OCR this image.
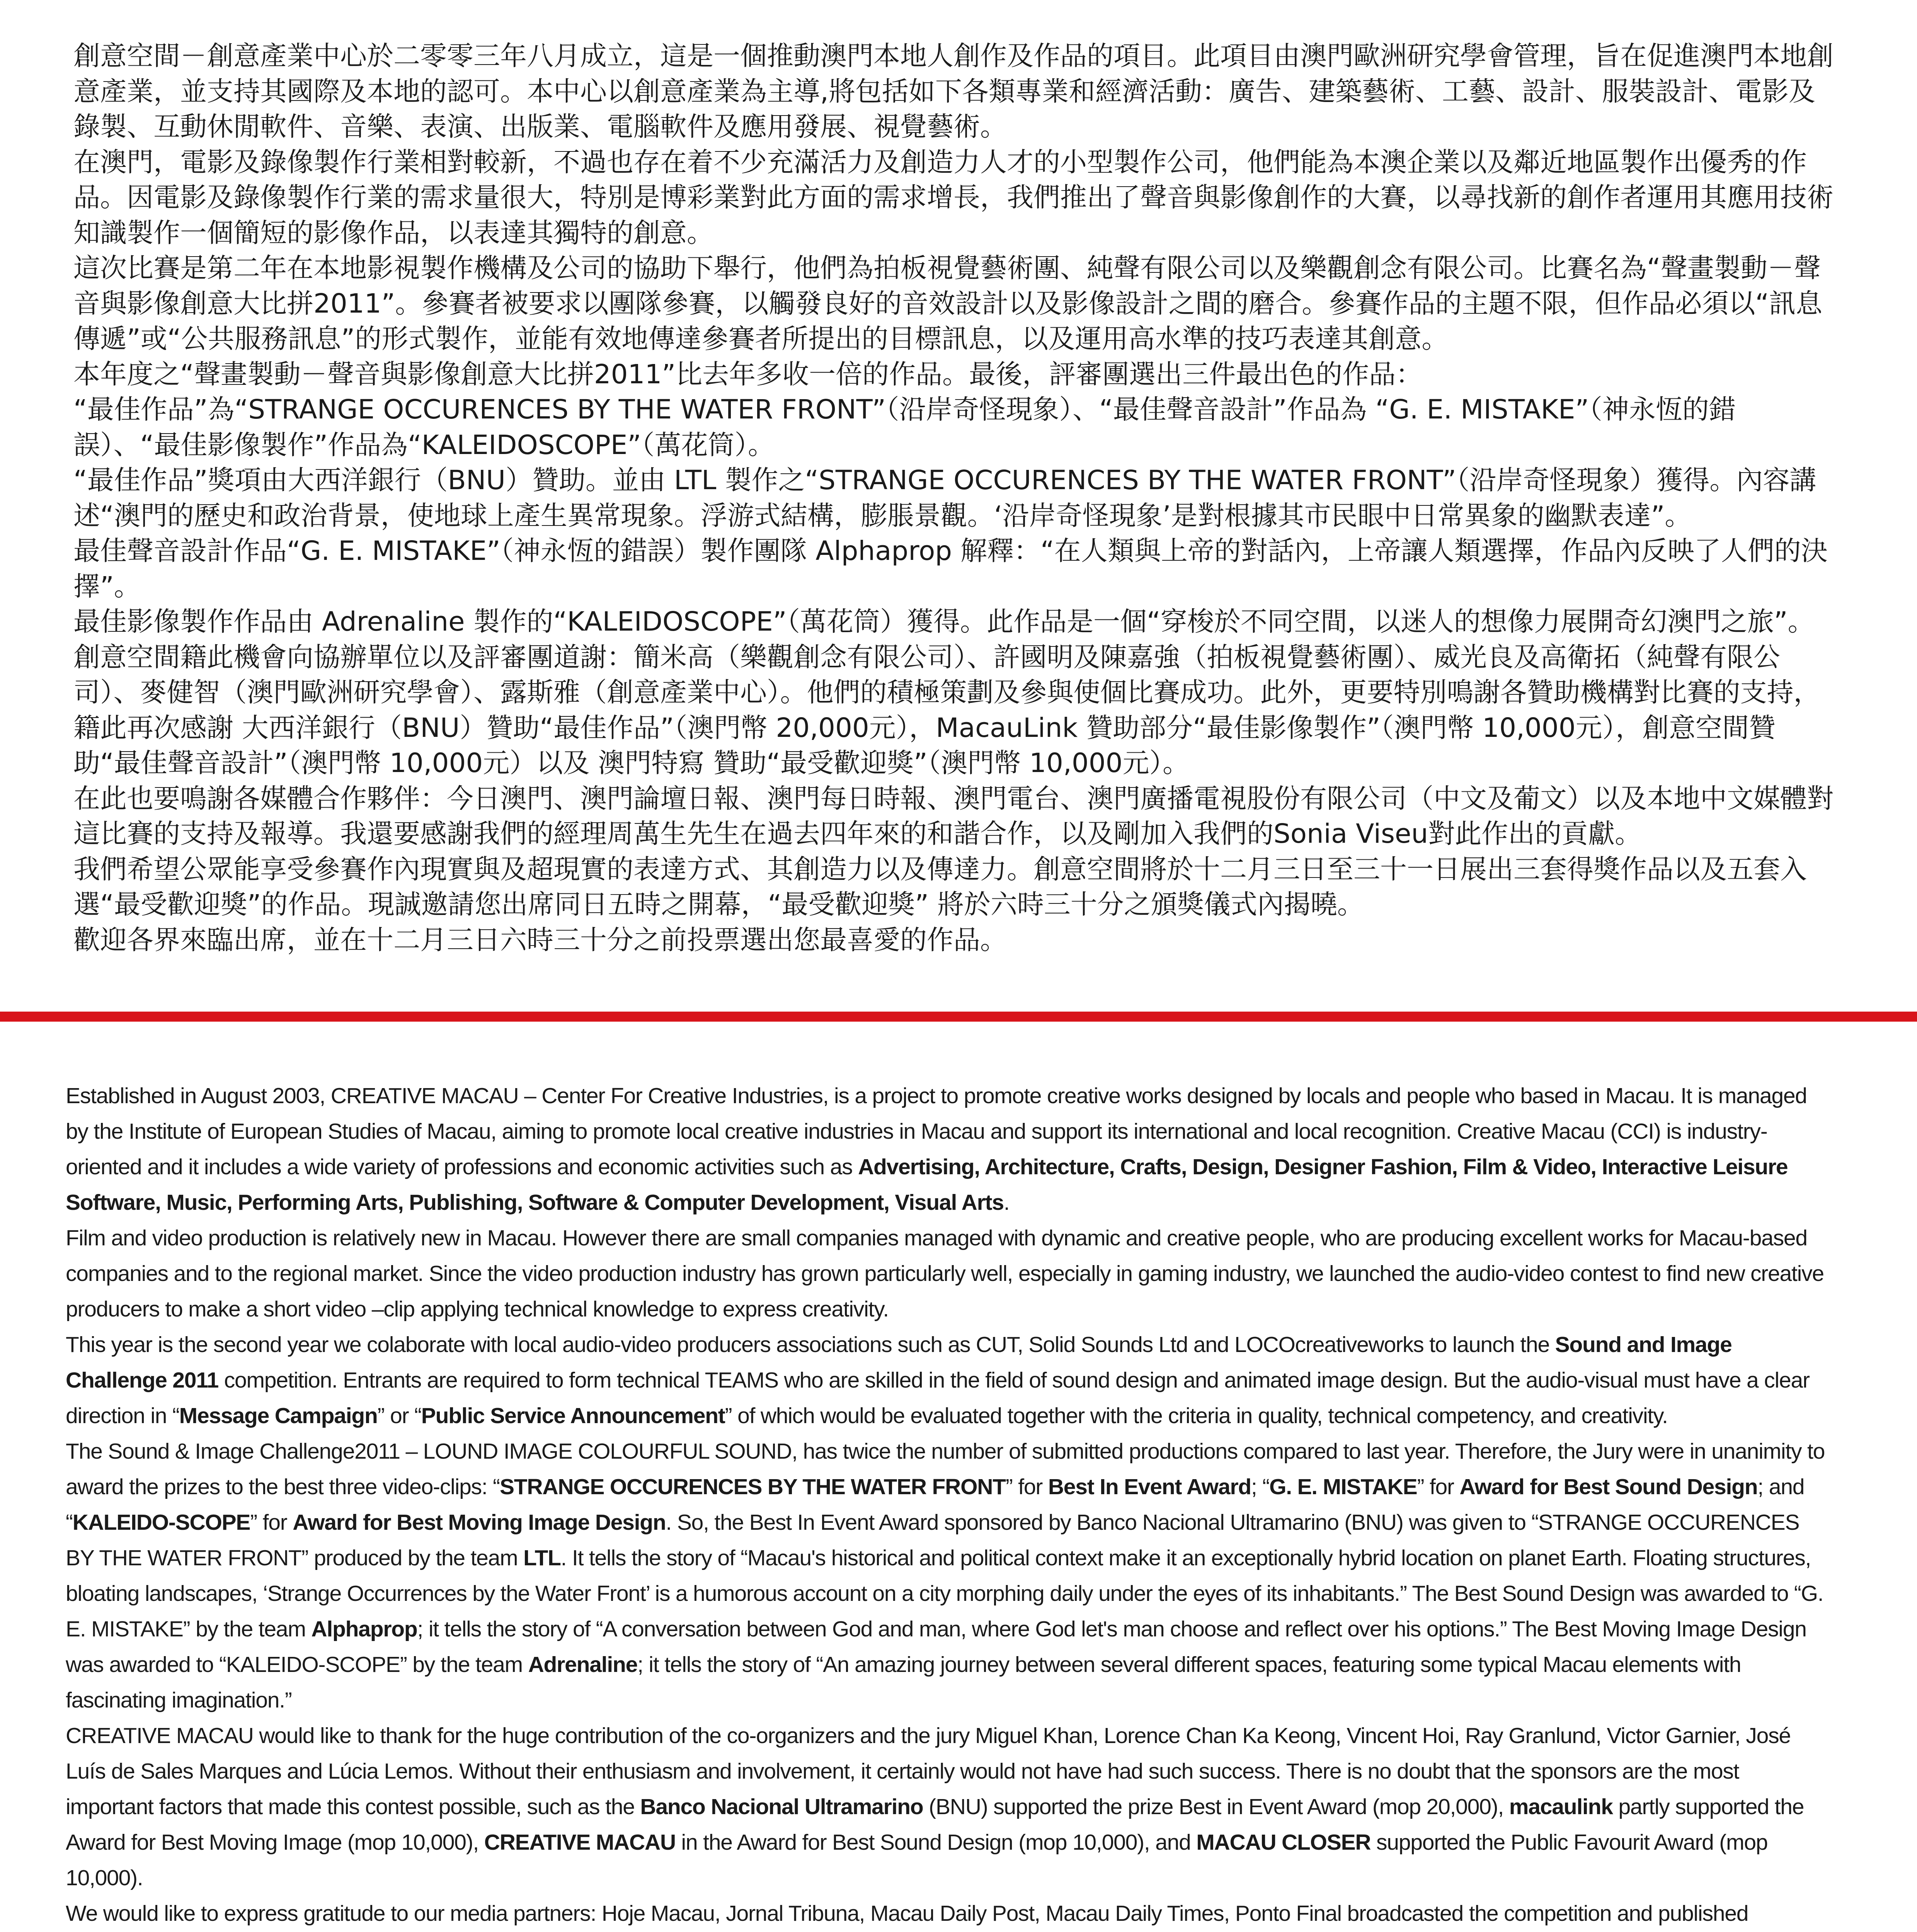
創意空間－創意產業中心於二零零三年八月成立，這是一個推動澳門本地人創作及作品的項目。此項目由澳門歐洲研究學會管理，旨在促進澳門本地創意產業，並支持其國際及本地的認可。本中心以創意產業為主導,將包括如下各類專業和經濟活動：廣告、建築藝術、工藝、設計、服裝設計、電影及錄製、互動休閒軟件、音樂、表演、出版業、電腦軟件及應用發展、視覺藝術。

在澳門，電影及錄像製作行業相對較新，不過也存在着不少充滿活力及創造力人才的小型製作公司，他們能為本澳企業以及鄰近地區製作出優秀的作品。因電影及錄像製作行業的需求量很大，特別是博彩業對此方面的需求增長，我們推出了聲音與影像創作的大賽，以尋找新的創作者運用其應用技術知識製作一個簡短的影像作品，以表達其獨特的創意。

這次比賽是第二年在本地影視製作機構及公司的協助下舉行，他們為拍板視覺藝術團、純聲有限公司以及樂觀創念有限公司。比賽名為“聲畫製動－聲音與影像創意大比拼2011”。參賽者被要求以團隊參賽，以觸發良好的音效設計以及影像設計之間的磨合。參賽作品的主題不限，但作品必須以“訊息傳遞”或“公共服務訊息”的形式製作，並能有效地傳達參賽者所提出的目標訊息，以及運用高水準的技巧表達其創意。

本年度之“聲畫製動－聲音與影像創意大比拼2011”比去年多收一倍的作品。最後，評審團選出三件最出色的作品：

“最佳作品”為“STRANGE OCCURENCES BY THE WATER FRONT”（沿岸奇怪現象）、“最佳聲音設計”作品為 “G. E. MISTAKE”（神永恆的錯誤）、“最佳影像製作”作品為“KALEIDOSCOPE”（萬花筒）。

“最佳作品”獎項由大西洋銀行（BNU）贊助。並由 LTL 製作之“STRANGE OCCURENCES BY THE WATER FRONT”（沿岸奇怪現象）獲得。內容講述“澳門的歷史和政治背景，使地球上產生異常現象。浮游式結構，膨脹景觀。‘沿岸奇怪現象’是對根據其市民眼中日常異象的幽默表達”。

最佳聲音設計作品“G. E. MISTAKE”（神永恆的錯誤）製作團隊 Alphaprop 解釋：“在人類與上帝的對話內，上帝讓人類選擇，作品內反映了人們的決擇”。

最佳影像製作作品由 Adrenaline 製作的“KALEIDOSCOPE”（萬花筒）獲得。此作品是一個“穿梭於不同空間，以迷人的想像力展開奇幻澳門之旅”。

創意空間籍此機會向協辦單位以及評審團道謝：簡米高（樂觀創念有限公司）、許國明及陳嘉強（拍板視覺藝術團）、威光良及高衛拓（純聲有限公司）、麥健智（澳門歐洲研究學會）、露斯雅（創意產業中心）。他們的積極策劃及參與使個比賽成功。此外，更要特別鳴謝各贊助機構對比賽的支持，籍此再次感謝 大西洋銀行（BNU）贊助“最佳作品”（澳門幣 20,000元），MacauLink 贊助部分“最佳影像製作”（澳門幣 10,000元），創意空間贊助“最佳聲音設計”（澳門幣 10,000元）以及 澳門特寫 贊助“最受歡迎獎”（澳門幣 10,000元）。

在此也要鳴謝各媒體合作夥伴：今日澳門、澳門論壇日報、澳門每日時報、澳門電台、澳門廣播電視股份有限公司（中文及葡文）以及本地中文媒體對這比賽的支持及報導。我還要感謝我們的經理周萬生先生在過去四年來的和諧合作，以及剛加入我們的Sonia Viseu對此作出的貢獻。

我們希望公眾能享受參賽作內現實與及超現實的表達方式、其創造力以及傳達力。創意空間將於十二月三日至三十一日展出三套得獎作品以及五套入選“最受歡迎獎”的作品。現誠邀請您出席同日五時之開幕，“最受歡迎獎” 將於六時三十分之頒獎儀式內揭曉。

歡迎各界來臨出席，並在十二月三日六時三十分之前投票選出您最喜愛的作品。

Established in August 2003, CREATIVE MACAU – Center For Creative Industries, is a project to promote creative works designed by locals and people who based in Macau. It is managed by the Institute of European Studies of Macau, aiming to promote local creative industries in Macau and support its international and local recognition. Creative Macau (CCI) is industry-oriented and it includes a wide variety of professions and economic activities such as Advertising, Architecture, Crafts, Design, Designer Fashion, Film & Video, Interactive Leisure Software, Music, Performing Arts, Publishing, Software & Computer Development, Visual Arts.

Film and video production is relatively new in Macau. However there are small companies managed with dynamic and creative people, who are producing excellent works for Macau-based companies and to the regional market. Since the video production industry has grown particularly well, especially in gaming industry, we launched the audio-video contest to find new creative producers to make a short video –clip applying technical knowledge to express creativity.

This year is the second year we colaborate with local audio-video producers associations such as CUT, Solid Sounds Ltd and LOCOcreativeworks to launch the Sound and Image Challenge 2011 competition. Entrants are required to form technical TEAMS who are skilled in the field of sound design and animated image design. But the audio-visual must have a clear direction in “Message Campaign” or “Public Service Announcement” of which would be evaluated together with the criteria in quality, technical competency, and creativity.

The Sound & Image Challenge2011 – LOUND IMAGE COLOURFUL SOUND, has twice the number of submitted productions compared to last year. Therefore, the Jury were in unanimity to award the prizes to the best three video-clips: “STRANGE OCCURENCES BY THE WATER FRONT” for Best In Event Award; “G. E. MISTAKE” for Award for Best Sound Design; and “KALEIDO-SCOPE” for Award for Best Moving Image Design. So, the Best In Event Award sponsored by Banco Nacional Ultramarino (BNU) was given to “STRANGE OCCURENCES BY THE WATER FRONT” produced by the team LTL. It tells the story of “Macau's historical and political context make it an exceptionally hybrid location on planet Earth. Floating structures, bloating landscapes, ‘Strange Occurrences by the Water Front’ is a humorous account on a city morphing daily under the eyes of its inhabitants.” The Best Sound Design was awarded to “G. E. MISTAKE” by the team Alphaprop; it tells the story of “A conversation between God and man, where God let's man choose and reflect over his options.” The Best Moving Image Design was awarded to “KALEIDO-SCOPE” by the team Adrenaline; it tells the story of “An amazing journey between several different spaces, featuring some typical Macau elements with fascinating imagination.”

CREATIVE MACAU would like to thank for the huge contribution of the co-organizers and the jury Miguel Khan, Lorence Chan Ka Keong, Vincent Hoi, Ray Granlund, Victor Garnier, José Luís de Sales Marques and Lúcia Lemos. Without their enthusiasm and involvement, it certainly would not have had such success. There is no doubt that the sponsors are the most important factors that made this contest possible, such as the Banco Nacional Ultramarino (BNU) supported the prize Best in Event Award (mop 20,000), macaulink partly supported the Award for Best Moving Image (mop 10,000), CREATIVE MACAU in the Award for Best Sound Design (mop 10,000), and MACAU CLOSER supported the Public Favourit Award (mop 10,000).

We would like to express gratitude to our media partners: Hoje Macau, Jornal Tribuna, Macau Daily Post, Macau Daily Times, Ponto Final broadcasted the competition and published
